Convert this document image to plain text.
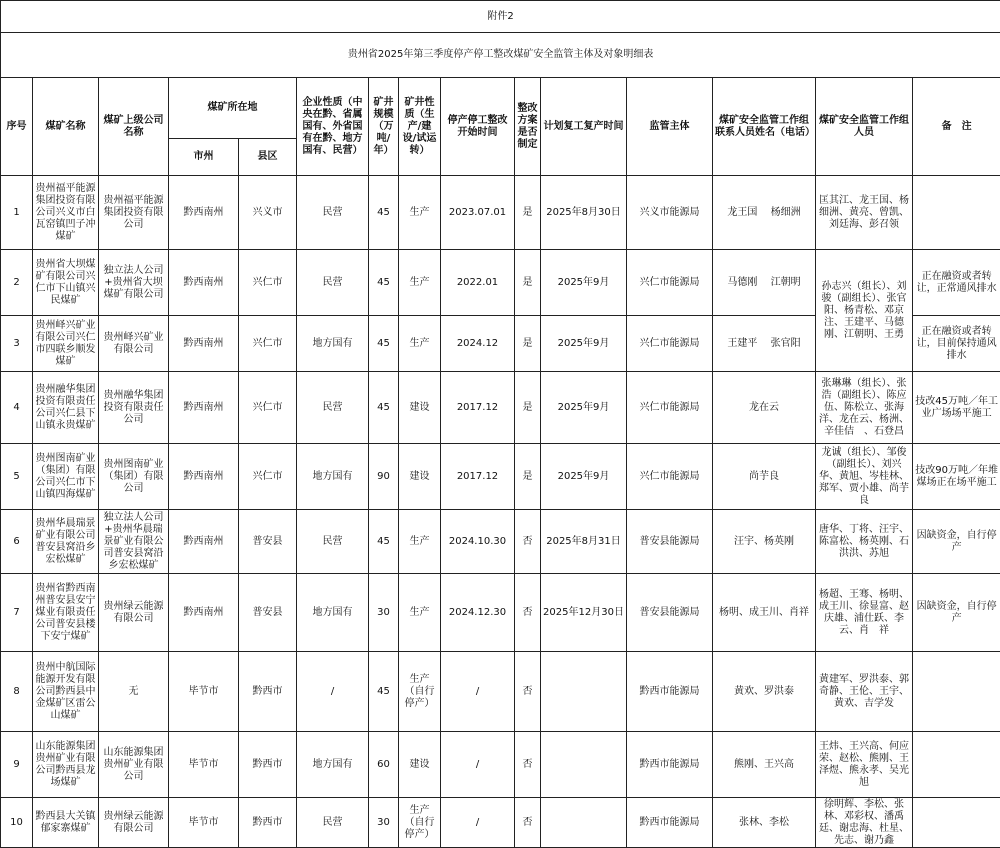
附件2														
贵州省2025年第三季度停产停工整改煤矿安全监管主体及对象明细表														
序号	煤矿名称	煤矿上级公司名称	煤矿所在地		企业性质（中央在黔、省属国有、外省国有在黔、地方国有、民营）	矿井规模（万吨/年）	矿井性质（生产/建设/试运转）	停产停工整改开始时间	整改方案是否制定	计划复工复产时间	监管主体	煤矿安全监管工作组联系人员姓名（电话）	煤矿安全监管工作组人员	备　注
			市州	县区										
1	贵州福平能源集团投资有限公司兴义市白瓦窑镇凹子冲煤矿	贵州福平能源集团投资有限公司	黔西南州	兴义市	民营	45	生产	2023.07.01	是	2025年8月30日	兴义市能源局	龙王国　 杨细洲	匡其江、龙王国、杨细洲、黄亮、曾凯、刘廷海、彭召领	
2	贵州省大坝煤矿有限公司兴仁市下山镇兴民煤矿	独立法人公司+贵州省大坝煤矿有限公司	黔西南州	兴仁市	民营	45	生产	2022.01	是	2025年9月	兴仁市能源局	马德刚　 江朝明	孙志兴（组长）、刘骏（副组长）、张官阳、杨青松、邓京注、王建平、马德刚、江朝明、王勇	正在融资或者转让，正常通风排水
3	贵州峄兴矿业有限公司兴仁市四联乡顺发煤矿	贵州峄兴矿业有限公司	黔西南州	兴仁市	地方国有	45	生产	2024.12	是	2025年9月	兴仁市能源局	王建平　 张官阳		正在融资或者转让，目前保持通风排水
4	贵州融华集团投资有限责任公司兴仁县下山镇永贵煤矿	贵州融华集团投资有限责任公司	黔西南州	兴仁市	民营	45	建设	2017.12	是	2025年9月	兴仁市能源局	龙在云	张琳琳（组长）、张浩（副组长）、陈应伍、陈松立、张海洋、龙在云、杨洲、辛佳佶　、石登昌	技改45万吨／年工业广场场平施工
5	贵州图南矿业（集团）有限公司兴仁市下山镇四海煤矿	贵州图南矿业（集团）有限公司	黔西南州	兴仁市	地方国有	90	建设	2017.12	是	2025年9月	兴仁市能源局	尚芋良	龙诚（组长）、邹俊（副组长）、刘兴华、黄旭、岑桂林、郑军、贾小雄、尚芋良	技改90万吨／年堆煤场正在场平施工
6	贵州华晨瑞景矿业有限公司普安县窝沿乡宏松煤矿	独立法人公司+贵州华晨瑞景矿业有限公司普安县窝沿乡宏松煤矿	黔西南州	普安县	民营	45	生产	2024.10.30	否	2025年8月31日	普安县能源局	汪宇、杨英刚	唐华、丁将、汪宇、陈富松、杨英刚、石洪洪、苏旭	因缺资金，自行停产
7	贵州省黔西南州普安县安宁煤业有限责任公司普安县楼下安宁煤矿	贵州绿云能源有限公司	黔西南州	普安县	地方国有	30	生产	2024.12.30	否	2025年12月30日	普安县能源局	杨明、成王川、肖祥	杨超、王骞、杨明、成王川、徐显富、赵庆雄、浦仕跃、李云、肖　祥	因缺资金，自行停产
8	贵州中航国际能源开发有限公司黔西县中金煤矿区雷公山煤矿	无	毕节市	黔西市	/	45	生产（自行停产）	/	否		黔西市能源局	黄欢、罗洪泰	黄建军、罗洪泰、郭奇静、王伦、王宇、黄欢、吉学发	
9	山东能源集团贵州矿业有限公司黔西县龙场煤矿	山东能源集团贵州矿业有限公司	毕节市	黔西市	地方国有	60	建设	/	否		黔西市能源局	熊刚、王兴高	王炜、王兴高、何应荣、赵松、熊刚、王泽煜、熊永孝、吴光旭	
10	黔西县大关镇郁家寨煤矿	贵州绿云能源有限公司	毕节市	黔西市	民营	30	生产（自行停产）	/	否		黔西市能源局	张林、李松	徐明辉、李松、张林、邓彩权、潘禹廷、谢忠海、杜星、先志、谢乃鑫	
